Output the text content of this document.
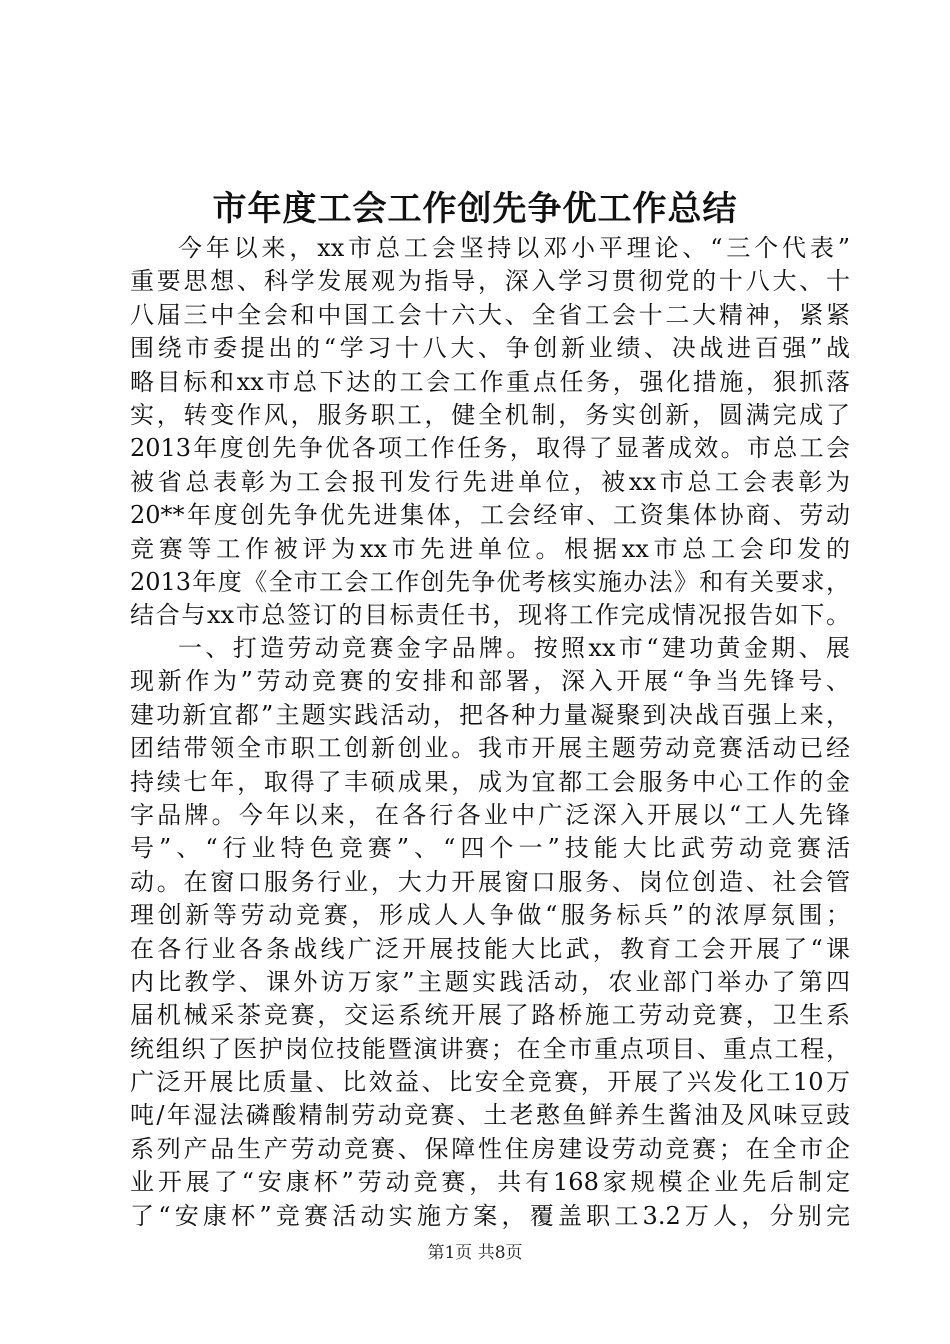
市年度工会工作创先争优工作总结
今年以来，xx市总工会坚持以邓小平理论、“三个代表”
重要思想、科学发展观为指导，深入学习贯彻党的十八大、十
八届三中全会和中国工会十六大、全省工会十二大精神，紧紧
围绕市委提出的“学习十八大、争创新业绩、决战进百强”战
略目标和xx市总下达的工会工作重点任务，强化措施，狠抓落
实，转变作风，服务职工，健全机制，务实创新，圆满完成了
2013年度创先争优各项工作任务，取得了显著成效。市总工会
被省总表彰为工会报刊发行先进单位，被xx市总工会表彰为
20**年度创先争优先进集体，工会经审、工资集体协商、劳动
竞赛等工作被评为xx市先进单位。根据xx市总工会印发的
2013年度《全市工会工作创先争优考核实施办法》和有关要求，
结合与xx市总签订的目标责任书，现将工作完成情况报告如下。
一、打造劳动竞赛金字品牌。按照xx市“建功黄金期、展
现新作为”劳动竞赛的安排和部署，深入开展“争当先锋号、
建功新宜都”主题实践活动，把各种力量凝聚到决战百强上来，
团结带领全市职工创新创业。我市开展主题劳动竞赛活动已经
持续七年，取得了丰硕成果，成为宜都工会服务中心工作的金
字品牌。今年以来，在各行各业中广泛深入开展以“工人先锋
号”、“行业特色竞赛”、“四个一”技能大比武劳动竞赛活
动。在窗口服务行业，大力开展窗口服务、岗位创造、社会管
理创新等劳动竞赛，形成人人争做“服务标兵”的浓厚氛围；
在各行业各条战线广泛开展技能大比武，教育工会开展了“课
内比教学、课外访万家”主题实践活动，农业部门举办了第四
届机械采茶竞赛，交运系统开展了路桥施工劳动竞赛，卫生系
统组织了医护岗位技能暨演讲赛；在全市重点项目、重点工程，
广泛开展比质量、比效益、比安全竞赛，开展了兴发化工10万
吨/年湿法磷酸精制劳动竞赛、土老憨鱼鲜养生酱油及风味豆豉
系列产品生产劳动竞赛、保障性住房建设劳动竞赛；在全市企
业开展了“安康杯”劳动竞赛，共有168家规模企业先后制定
了“安康杯”竞赛活动实施方案，覆盖职工3.2万人，分别完
第1页 共8页
